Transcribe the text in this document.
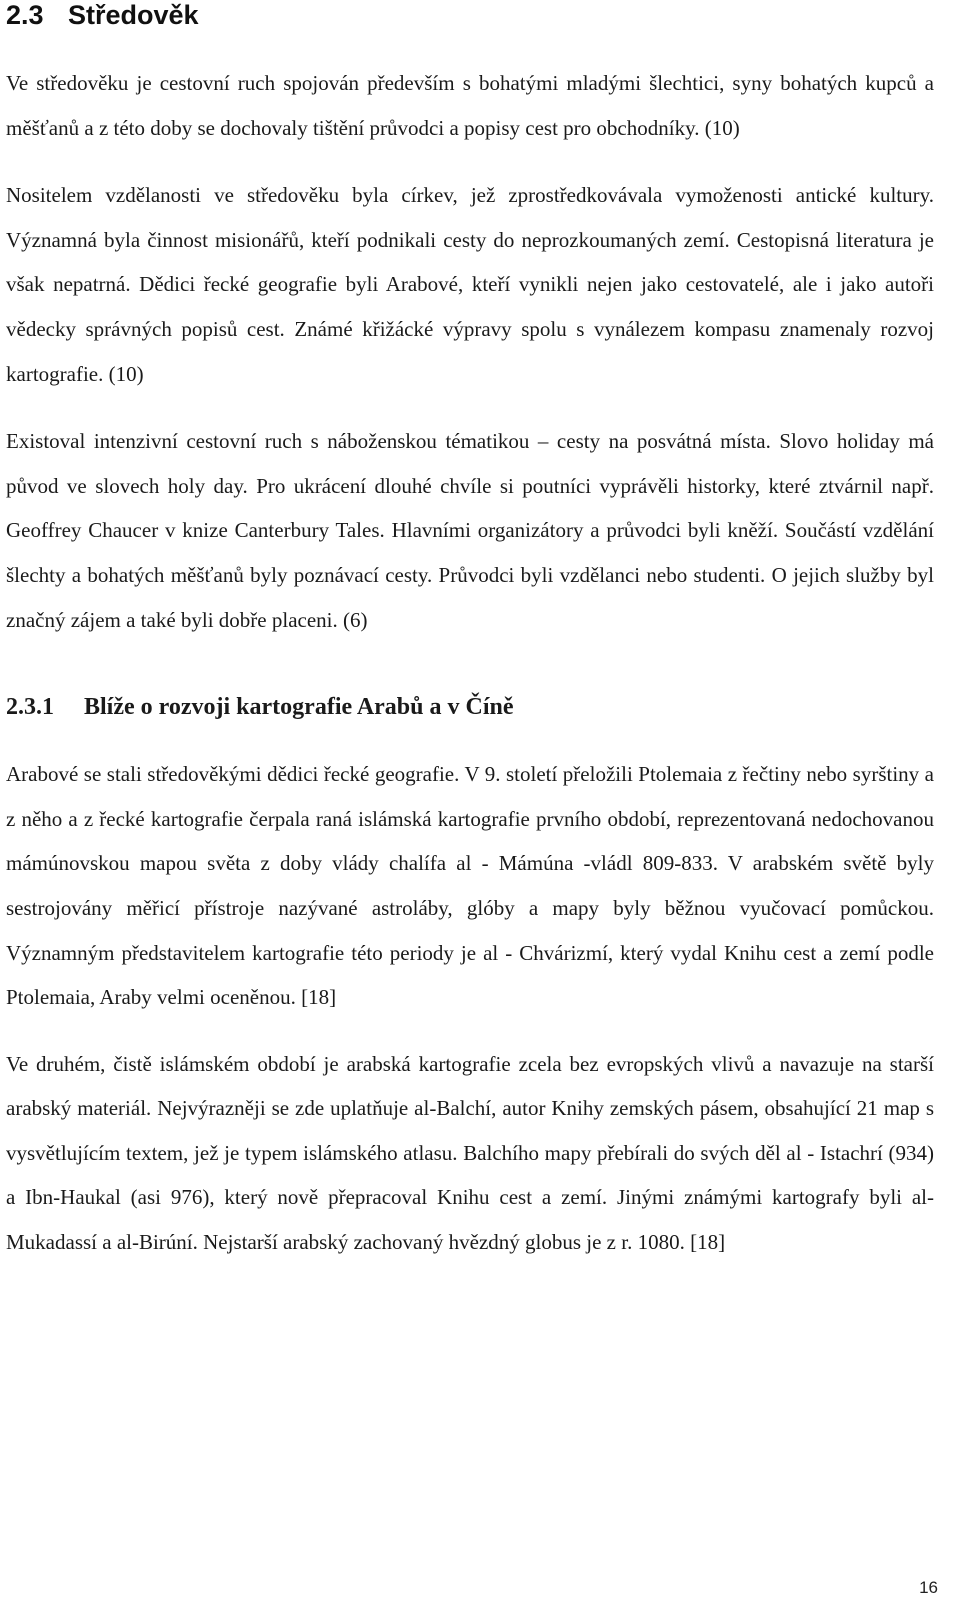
2.3 Středověk

Ve středověku je cestovní ruch spojován především s bohatými mladými šlechtici, syny bohatých kupců a měšťanů a z této doby se dochovaly tištění průvodci a popisy cest pro obchodníky. (10)

Nositelem vzdělanosti ve středověku byla církev, jež zprostředkovávala vymoženosti antické kultury. Významná byla činnost misionářů, kteří podnikali cesty do neprozkoumaných zemí. Cestopisná literatura je však nepatrná. Dědici řecké geografie byli Arabové, kteří vynikli nejen jako cestovatelé, ale i jako autoři vědecky správných popisů cest. Známé křižácké výpravy spolu s vynálezem kompasu znamenaly rozvoj kartografie. (10)

Existoval intenzivní cestovní ruch s náboženskou tématikou – cesty na posvátná místa. Slovo holiday má původ ve slovech holy day. Pro ukrácení dlouhé chvíle si poutníci vyprávěli historky, které ztvárnil např. Geoffrey Chaucer v knize Canterbury Tales. Hlavními organizátory a průvodci byli kněží. Součástí vzdělání šlechty a bohatých měšťanů byly poznávací cesty. Průvodci byli vzdělanci nebo studenti. O jejich služby byl značný zájem a také byli dobře placeni. (6)

2.3.1 Blíže o rozvoji kartografie Arabů a v Číně

Arabové se stali středověkými dědici řecké geografie. V 9. století přeložili Ptolemaia z řečtiny nebo syrštiny a z něho a z řecké kartografie čerpala raná islámská kartografie prvního období, reprezentovaná nedochovanou mámúnovskou mapou světa z doby vlády chalífa al - Mámúna -vládl 809-833. V arabském světě byly sestrojovány měřicí přístroje nazývané astroláby, glóby a mapy byly běžnou vyučovací pomůckou. Významným představitelem kartografie této periody je al - Chvárizmí, který vydal Knihu cest a zemí podle Ptolemaia, Araby velmi oceněnou. [18]

Ve druhém, čistě islámském období je arabská kartografie zcela bez evropských vlivů a navazuje na starší arabský materiál. Nejvýrazněji se zde uplatňuje al-Balchí, autor Knihy zemských pásem, obsahující 21 map s vysvětlujícím textem, jež je typem islámského atlasu. Balchího mapy přebírali do svých děl al - Istachrí (934) a Ibn-Haukal (asi 976), který nově přepracoval Knihu cest a zemí. Jinými známými kartografy byli al-Mukadassí a al-Birúní. Nejstarší arabský zachovaný hvězdný globus je z r. 1080. [18]

16
